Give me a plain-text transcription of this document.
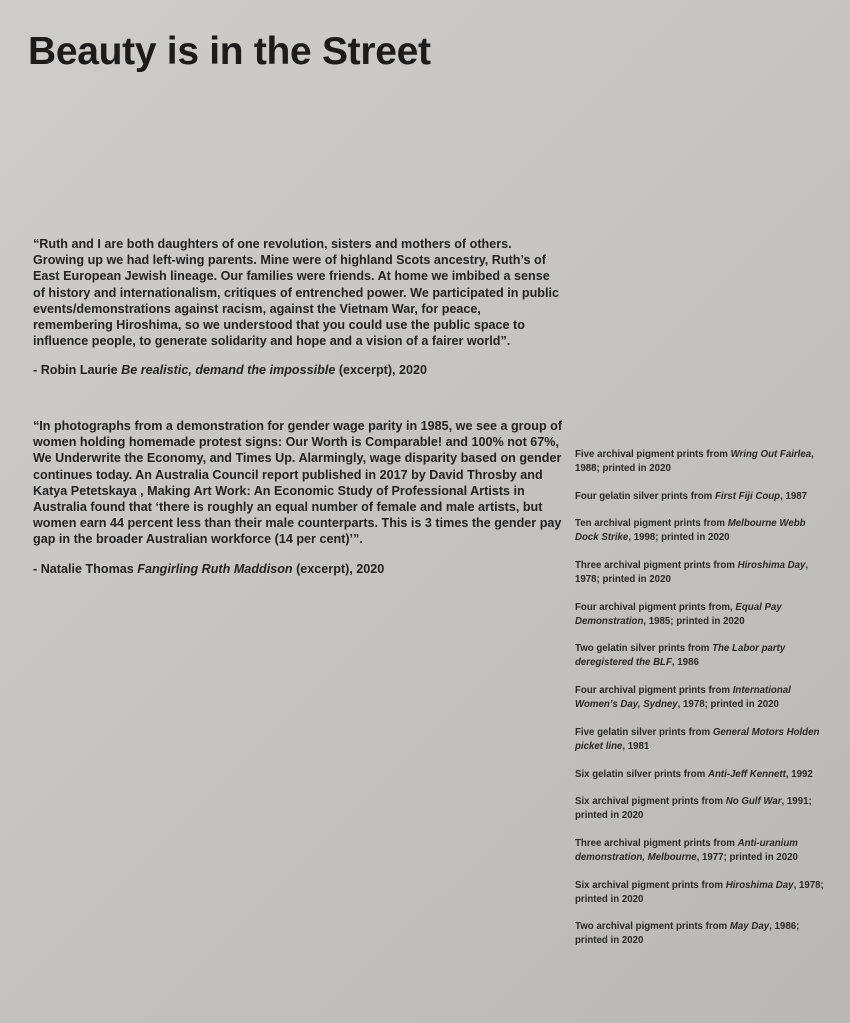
Beauty is in the Street

“Ruth and I are both daughters of one revolution, sisters and mothers of others. Growing up we had left-wing parents. Mine were of highland Scots ancestry, Ruth’s of East European Jewish lineage. Our families were friends. At home we imbibed a sense of history and internationalism, critiques of entrenched power. We participated in public events/demonstrations against racism, against the Vietnam War, for peace, remembering Hiroshima, so we understood that you could use the public space to influence people, to generate solidarity and hope and a vision of a fairer world”.

- Robin Laurie Be realistic, demand the impossible (excerpt), 2020

“In photographs from a demonstration for gender wage parity in 1985, we see a group of women holding homemade protest signs: Our Worth is Comparable! and 100% not 67%, We Underwrite the Economy, and Times Up. Alarmingly, wage disparity based on gender continues today. An Australia Council report published in 2017 by David Throsby and Katya Petetskaya , Making Art Work: An Economic Study of Professional Artists in Australia found that ‘there is roughly an equal number of female and male artists, but women earn 44 percent less than their male counterparts. This is 3 times the gender pay gap in the broader Australian workforce (14 per cent)’”.

- Natalie Thomas Fangirling Ruth Maddison (excerpt), 2020

Five archival pigment prints from Wring Out Fairlea, 1988; printed in 2020

Four gelatin silver prints from First Fiji Coup, 1987

Ten archival pigment prints from Melbourne Webb Dock Strike, 1998; printed in 2020

Three archival pigment prints from Hiroshima Day, 1978; printed in 2020

Four archival pigment prints from, Equal Pay Demonstration, 1985; printed in 2020

Two gelatin silver prints from The Labor party deregistered the BLF, 1986

Four archival pigment prints from International Women’s Day, Sydney, 1978; printed in 2020

Five gelatin silver prints from General Motors Holden picket line, 1981

Six gelatin silver prints from Anti-Jeff Kennett, 1992

Six archival pigment prints from No Gulf War, 1991; printed in 2020

Three archival pigment prints from Anti-uranium demonstration, Melbourne, 1977; printed in 2020

Six archival pigment prints from Hiroshima Day, 1978; printed in 2020

Two archival pigment prints from May Day, 1986; printed in 2020
